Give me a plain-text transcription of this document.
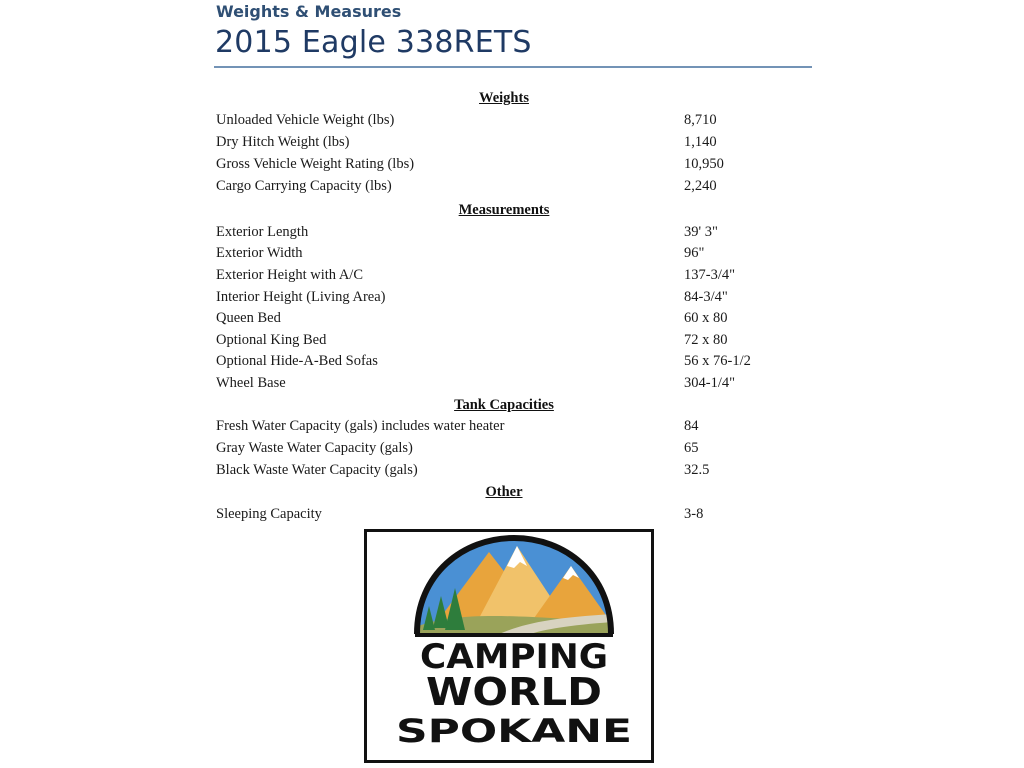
Weights & Measures
2015 Eagle 338RETS
Weights
Unloaded Vehicle Weight (lbs)	8,710
Dry Hitch Weight (lbs)	1,140
Gross Vehicle Weight Rating (lbs)	10,950
Cargo Carrying Capacity (lbs)	2,240
Measurements
Exterior Length	39' 3"
Exterior Width	96"
Exterior Height with A/C	137-3/4"
Interior Height (Living Area)	84-3/4"
Queen Bed	60 x 80
Optional King Bed	72 x 80
Optional Hide-A-Bed Sofas	56 x 76-1/2
Wheel Base	304-1/4"
Tank Capacities
Fresh Water Capacity (gals) includes water heater	84
Gray Waste Water Capacity (gals)	65
Black Waste Water Capacity (gals)	32.5
Other
Sleeping Capacity	3-8
CAMPING
WORLD
SPOKANE
